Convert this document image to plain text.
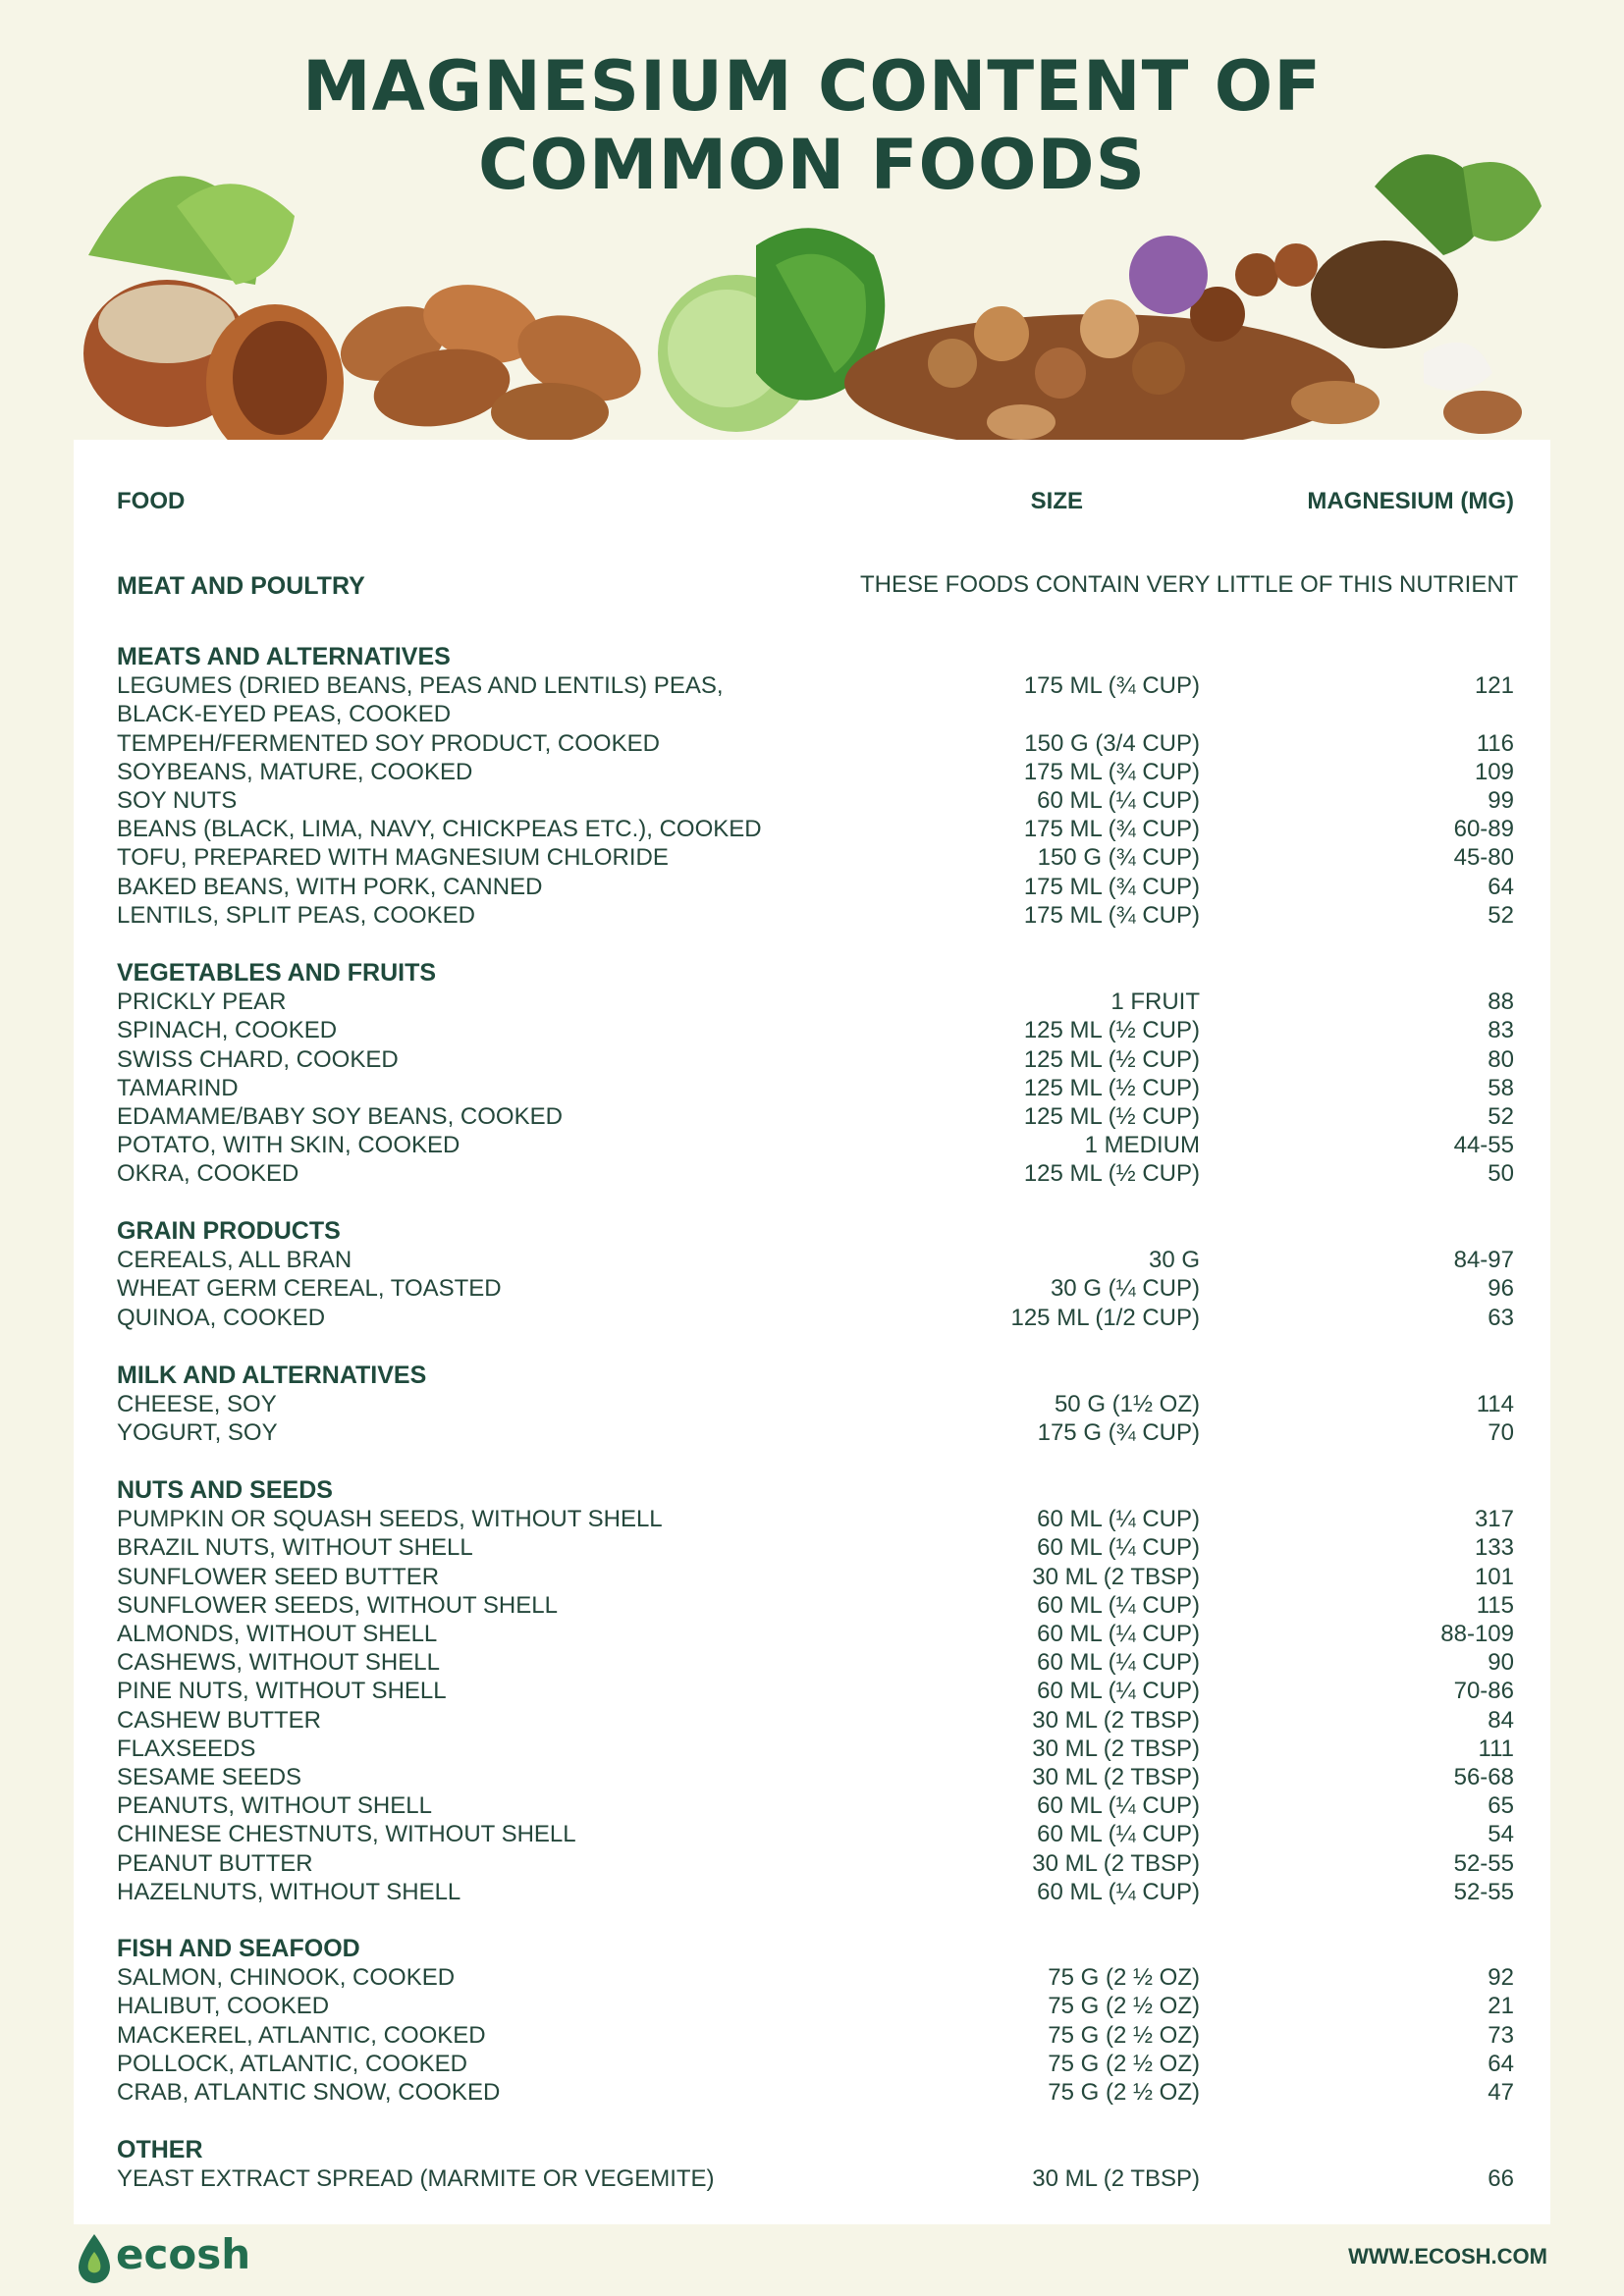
MAGNESIUM CONTENT OF
COMMON FOODS
FOOD	SIZE	MAGNESIUM (MG)
MEAT AND POULTRY	THESE FOODS CONTAIN VERY LITTLE OF THIS NUTRIENT
MEATS AND ALTERNATIVES
LEGUMES (DRIED BEANS, PEAS AND LENTILS) PEAS,	175 ML (¾ CUP)	121
BLACK-EYED PEAS, COOKED
TEMPEH/FERMENTED SOY PRODUCT, COOKED	150 G (3/4 CUP)	116
SOYBEANS, MATURE, COOKED	175 ML (¾ CUP)	109
SOY NUTS	60 ML (¼ CUP)	99
BEANS (BLACK, LIMA, NAVY, CHICKPEAS ETC.), COOKED	175 ML (¾ CUP)	60-89
TOFU, PREPARED WITH MAGNESIUM CHLORIDE	150 G (¾ CUP)	45-80
BAKED BEANS, WITH PORK, CANNED	175 ML (¾ CUP)	64
LENTILS, SPLIT PEAS, COOKED	175 ML (¾ CUP)	52
VEGETABLES AND FRUITS
PRICKLY PEAR	1 FRUIT	88
SPINACH, COOKED	125 ML (½ CUP)	83
SWISS CHARD, COOKED	125 ML (½ CUP)	80
TAMARIND	125 ML (½ CUP)	58
EDAMAME/BABY SOY BEANS, COOKED	125 ML (½ CUP)	52
POTATO, WITH SKIN, COOKED	1 MEDIUM	44-55
OKRA, COOKED	125 ML (½ CUP)	50
GRAIN PRODUCTS
CEREALS, ALL BRAN	30 G	84-97
WHEAT GERM CEREAL, TOASTED	30 G (¼ CUP)	96
QUINOA, COOKED	125 ML (1/2 CUP)	63
MILK AND ALTERNATIVES
CHEESE, SOY	50 G (1½ OZ)	114
YOGURT, SOY	175 G (¾ CUP)	70
NUTS AND SEEDS
PUMPKIN OR SQUASH SEEDS, WITHOUT SHELL	60 ML (¼ CUP)	317
BRAZIL NUTS, WITHOUT SHELL	60 ML (¼ CUP)	133
SUNFLOWER SEED BUTTER	30 ML (2 TBSP)	101
SUNFLOWER SEEDS, WITHOUT SHELL	60 ML (¼ CUP)	115
ALMONDS, WITHOUT SHELL	60 ML (¼ CUP)	88-109
CASHEWS, WITHOUT SHELL	60 ML (¼ CUP)	90
PINE NUTS, WITHOUT SHELL	60 ML (¼ CUP)	70-86
CASHEW BUTTER	30 ML (2 TBSP)	84
FLAXSEEDS	30 ML (2 TBSP)	111
SESAME SEEDS	30 ML (2 TBSP)	56-68
PEANUTS, WITHOUT SHELL	60 ML (¼ CUP)	65
CHINESE CHESTNUTS, WITHOUT SHELL	60 ML (¼ CUP)	54
PEANUT BUTTER	30 ML (2 TBSP)	52-55
HAZELNUTS, WITHOUT SHELL	60 ML (¼ CUP)	52-55
FISH AND SEAFOOD
SALMON, CHINOOK, COOKED	75 G (2 ½ OZ)	92
HALIBUT, COOKED	75 G (2 ½ OZ)	21
MACKEREL, ATLANTIC, COOKED	75 G (2 ½ OZ)	73
POLLOCK, ATLANTIC, COOKED	75 G (2 ½ OZ)	64
CRAB, ATLANTIC SNOW, COOKED	75 G (2 ½ OZ)	47
OTHER
YEAST EXTRACT SPREAD (MARMITE OR VEGEMITE)	30 ML (2 TBSP)	66
ecosh	WWW.ECOSH.COM
